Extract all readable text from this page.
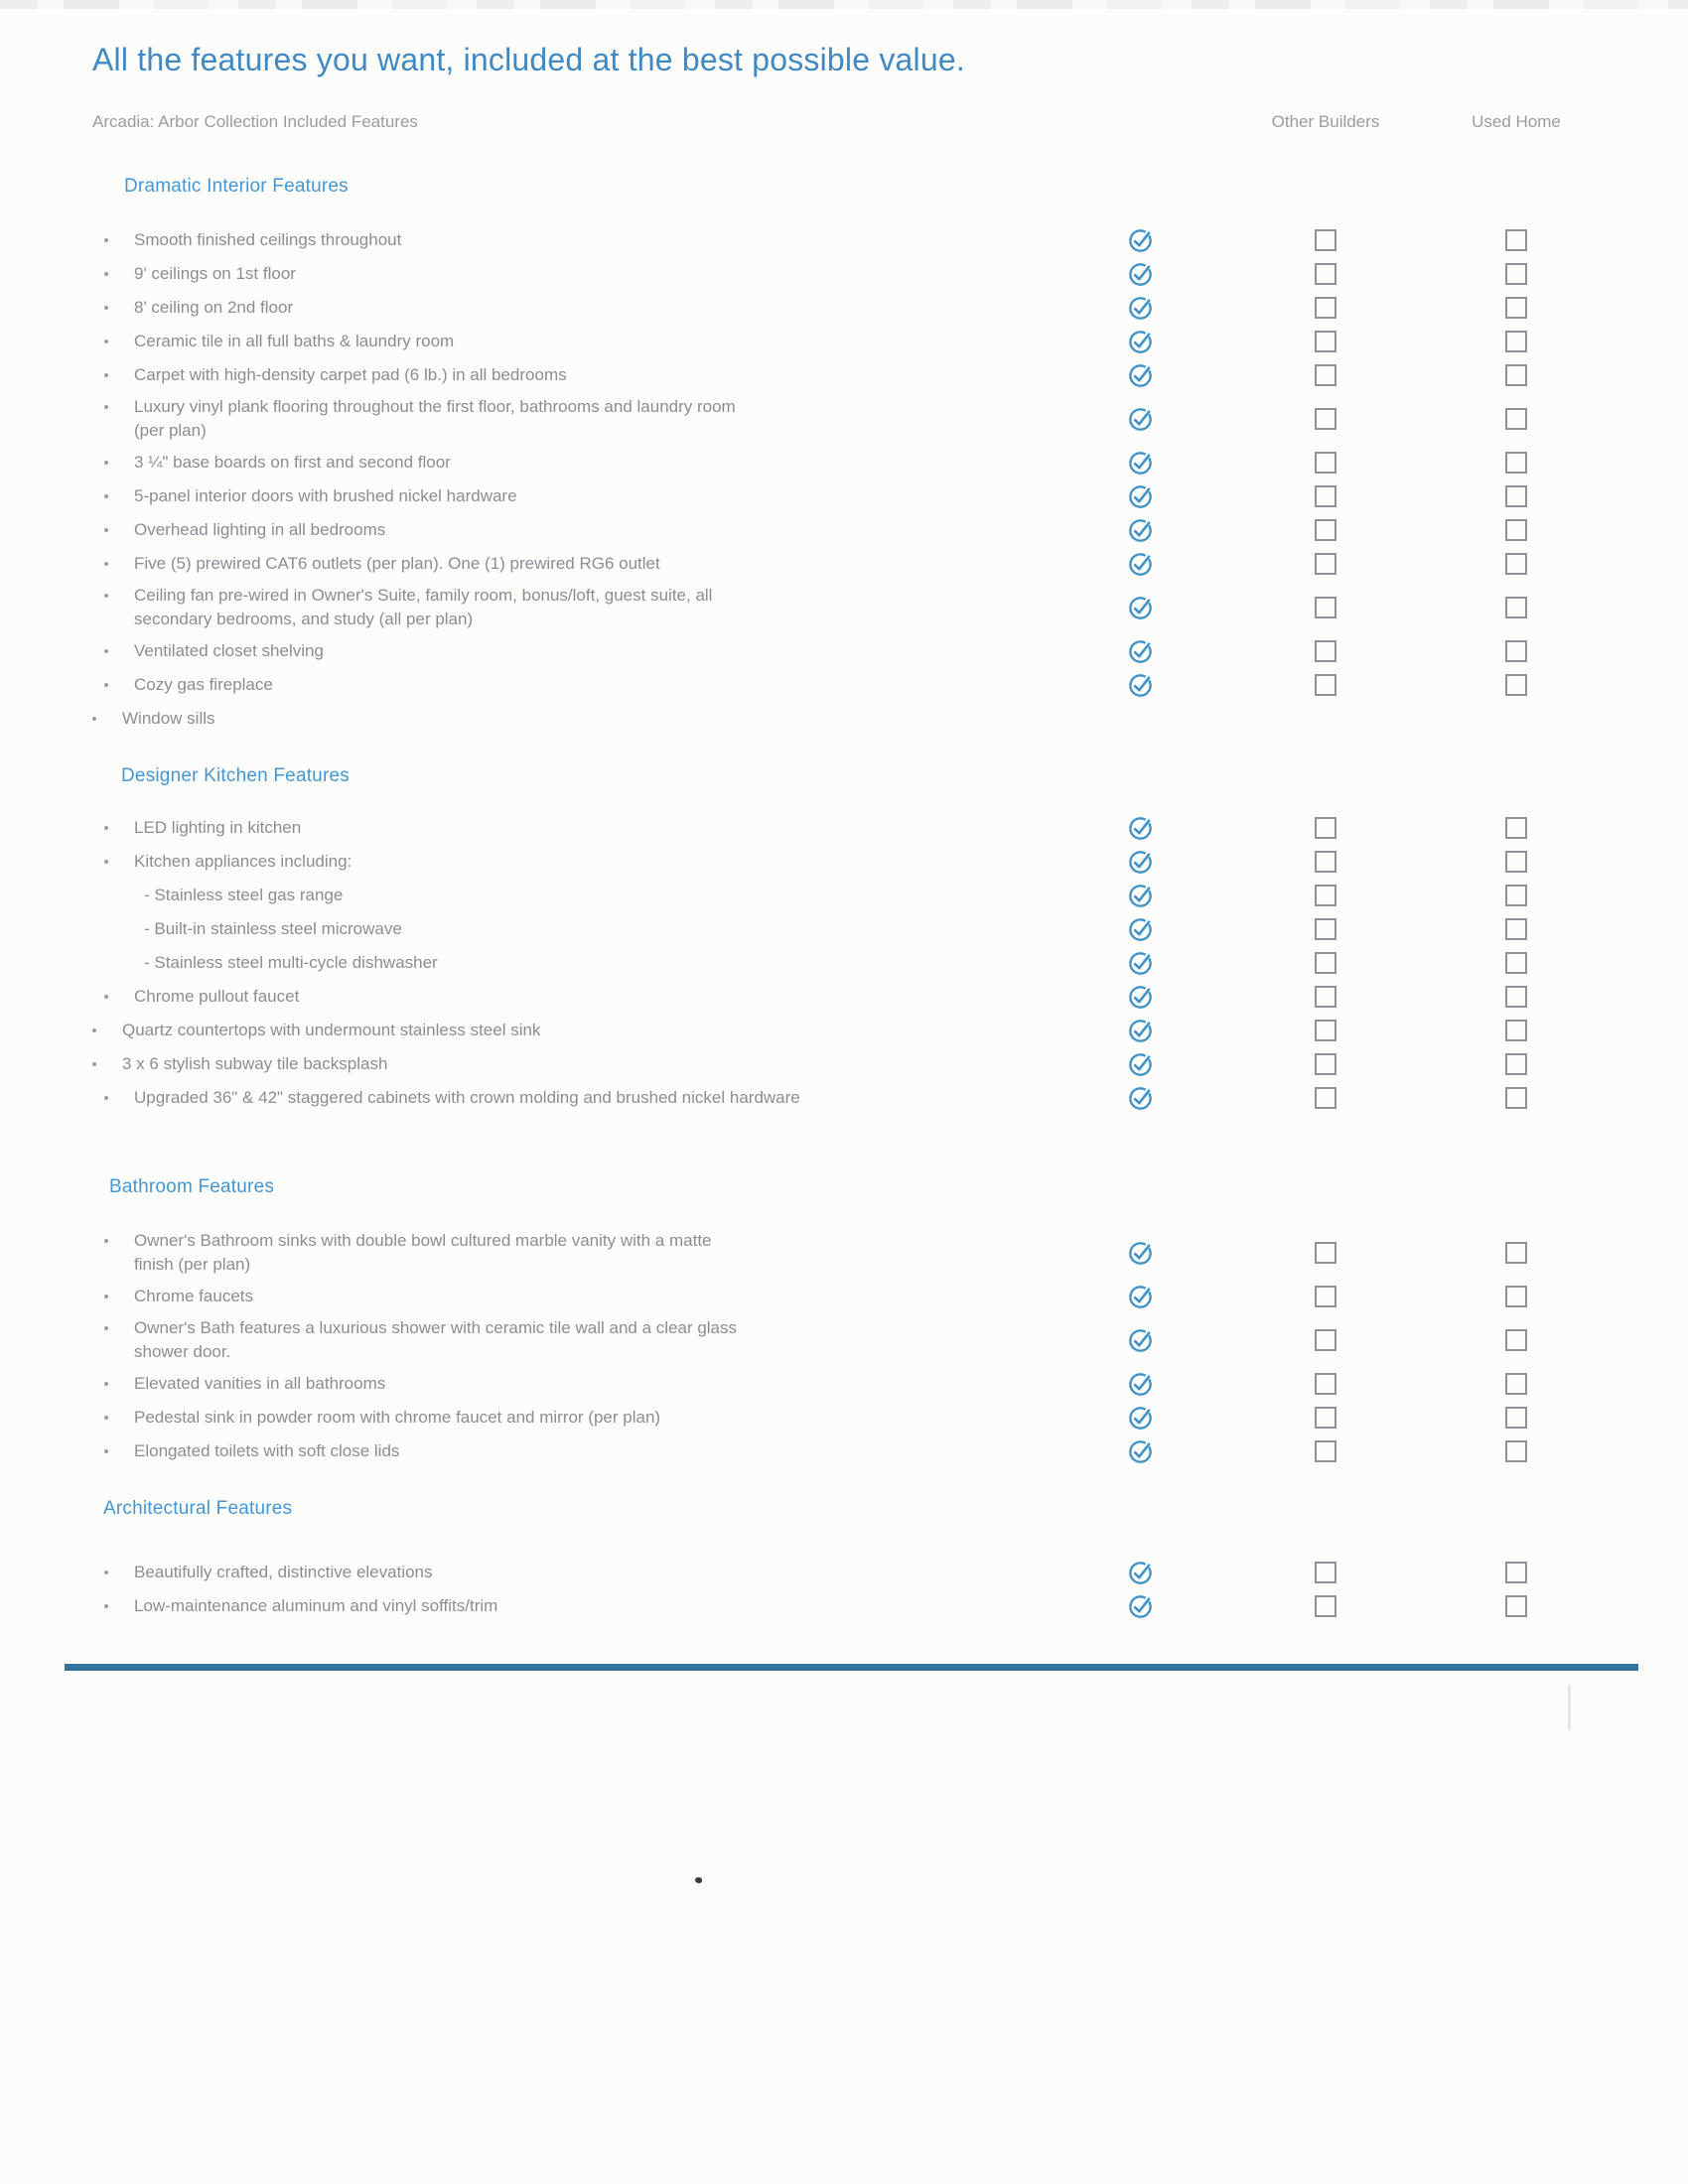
All the features you want, included at the best possible value.
Arcadia: Arbor Collection Included Features	Other Builders	Used Home
Dramatic Interior Features
Smooth finished ceilings throughout
9' ceilings on 1st floor
8' ceiling on 2nd floor
Ceramic tile in all full baths & laundry room
Carpet with high-density carpet pad (6 lb.) in all bedrooms
Luxury vinyl plank flooring throughout the first floor, bathrooms and laundry room (per plan)
3 ¼" base boards on first and second floor
5-panel interior doors with brushed nickel hardware
Overhead lighting in all bedrooms
Five (5) prewired CAT6 outlets (per plan). One (1) prewired RG6 outlet
Ceiling fan pre-wired in Owner's Suite, family room, bonus/loft, guest suite, all secondary bedrooms, and study (all per plan)
Ventilated closet shelving
Cozy gas fireplace
Window sills
Designer Kitchen Features
LED lighting in kitchen
Kitchen appliances including:
- Stainless steel gas range
- Built-in stainless steel microwave
- Stainless steel multi-cycle dishwasher
Chrome pullout faucet
Quartz countertops with undermount stainless steel sink
3 x 6 stylish subway tile backsplash
Upgraded 36" & 42" staggered cabinets with crown molding and brushed nickel hardware
Bathroom Features
Owner's Bathroom sinks with double bowl cultured marble vanity with a matte finish (per plan)
Chrome faucets
Owner's Bath features a luxurious shower with ceramic tile wall and a clear glass shower door.
Elevated vanities in all bathrooms
Pedestal sink in powder room with chrome faucet and mirror (per plan)
Elongated toilets with soft close lids
Architectural Features
Beautifully crafted, distinctive elevations
Low-maintenance aluminum and vinyl soffits/trim
